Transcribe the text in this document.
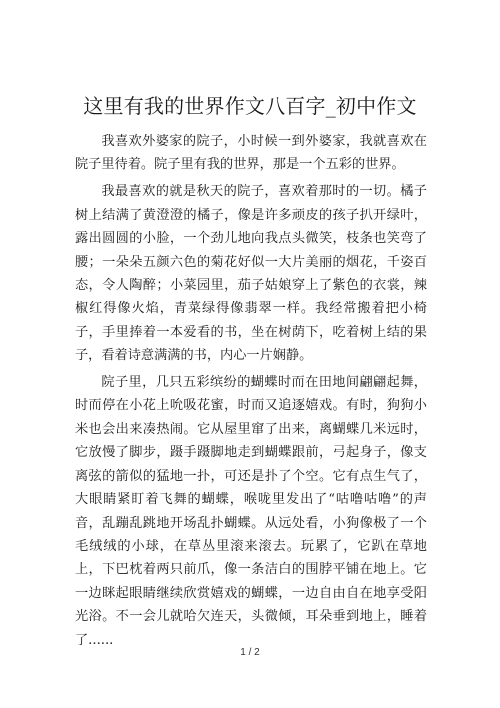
这里有我的世界作文八百字_初中作文

我喜欢外婆家的院子，小时候一到外婆家，我就喜欢在院子里待着。院子里有我的世界，那是一个五彩的世界。

我最喜欢的就是秋天的院子，喜欢着那时的一切。橘子树上结满了黄澄澄的橘子，像是许多顽皮的孩子扒开绿叶，露出圆圆的小脸，一个劲儿地向我点头微笑，枝条也笑弯了腰；一朵朵五颜六色的菊花好似一大片美丽的烟花，千姿百态，令人陶醉；小菜园里，茄子姑娘穿上了紫色的衣裳，辣椒红得像火焰，青菜绿得像翡翠一样。我经常搬着把小椅子，手里捧着一本爱看的书，坐在树荫下，吃着树上结的果子，看着诗意满满的书，内心一片娴静。

院子里，几只五彩缤纷的蝴蝶时而在田地间翩翩起舞，时而停在小花上吮吸花蜜，时而又追逐嬉戏。有时，狗狗小米也会出来凑热闹。它从屋里窜了出来，离蝴蝶几米远时，它放慢了脚步，蹑手蹑脚地走到蝴蝶跟前，弓起身子，像支离弦的箭似的猛地一扑，可还是扑了个空。它有点生气了，大眼睛紧盯着飞舞的蝴蝶，喉咙里发出了“咕噜咕噜”的声音，乱蹦乱跳地开场乱扑蝴蝶。从远处看，小狗像极了一个毛绒绒的小球，在草丛里滚来滚去。玩累了，它趴在草地上，下巴枕着两只前爪，像一条洁白的围脖平铺在地上。它一边眯起眼睛继续欣赏嬉戏的蝴蝶，一边自由自在地享受阳光浴。不一会儿就哈欠连天，头微倾，耳朵垂到地上，睡着了......

1 / 2
